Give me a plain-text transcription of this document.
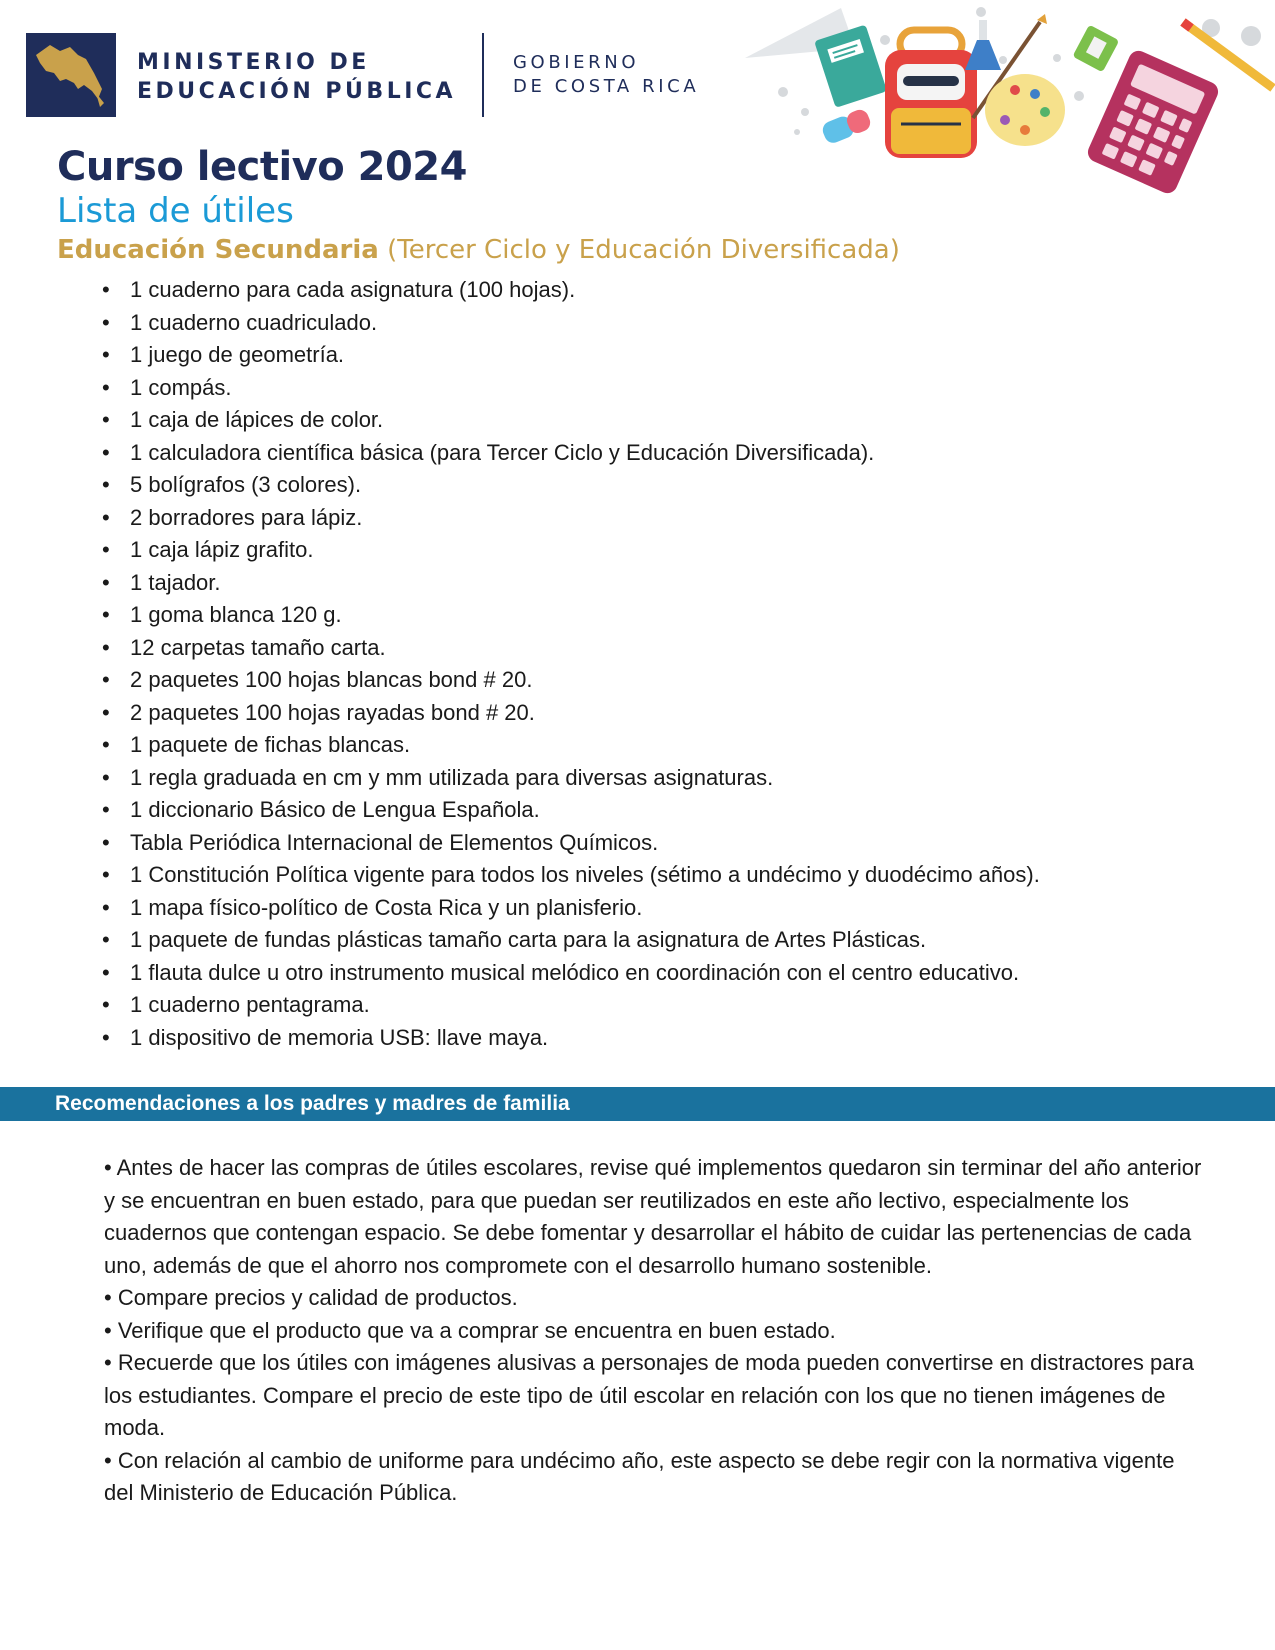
MINISTERIO DE
EDUCACIÓN PÚBLICA
GOBIERNO
DE COSTA RICA
Curso lectivo 2024
Lista de útiles
Educación Secundaria (Tercer Ciclo y Educación Diversificada)
• 1 cuaderno para cada asignatura (100 hojas).
• 1 cuaderno cuadriculado.
• 1 juego de geometría.
• 1 compás.
• 1 caja de lápices de color.
• 1 calculadora científica básica (para Tercer Ciclo y Educación Diversificada).
• 5 bolígrafos (3 colores).
• 2 borradores para lápiz.
• 1 caja lápiz grafito.
• 1 tajador.
• 1 goma blanca 120 g.
• 12 carpetas tamaño carta.
• 2 paquetes 100 hojas blancas bond # 20.
• 2 paquetes 100 hojas rayadas bond # 20.
• 1 paquete de fichas blancas.
• 1 regla graduada en cm y mm utilizada para diversas asignaturas.
• 1 diccionario Básico de Lengua Española.
• Tabla Periódica Internacional de Elementos Químicos.
• 1 Constitución Política vigente para todos los niveles (sétimo a undécimo y duodécimo años).
• 1 mapa físico-político de Costa Rica y un planisferio.
• 1 paquete de fundas plásticas tamaño carta para la asignatura de Artes Plásticas.
• 1 flauta dulce u otro instrumento musical melódico en coordinación con el centro educativo.
• 1 cuaderno pentagrama.
• 1 dispositivo de memoria USB: llave maya.
Recomendaciones a los padres y madres de familia

• Antes de hacer las compras de útiles escolares, revise qué implementos quedaron sin terminar del año anterior y se encuentran en buen estado, para que puedan ser reutilizados en este año lectivo, especialmente los cuadernos que contengan espacio. Se debe fomentar y desarrollar el hábito de cuidar las pertenencias de cada uno, además de que el ahorro nos compromete con el desarrollo humano sostenible.

• Compare precios y calidad de productos.

• Verifique que el producto que va a comprar se encuentra en buen estado.

• Recuerde que los útiles con imágenes alusivas a personajes de moda pueden convertirse en distractores para los estudiantes. Compare el precio de este tipo de útil escolar en relación con los que no tienen imágenes de moda.

• Con relación al cambio de uniforme para undécimo año, este aspecto se debe regir con la normativa vigente del Ministerio de Educación Pública.
